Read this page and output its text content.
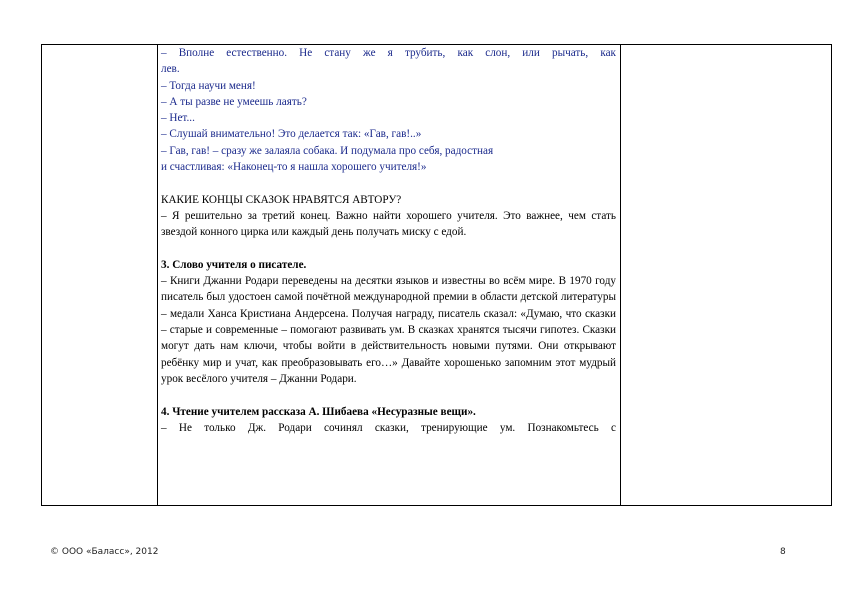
– Вполне естественно. Не стану же я трубить, как слон, или рычать, как

лев.

– Тогда научи меня!

– А ты разве не умеешь лаять?

– Нет...

– Слушай внимательно! Это делается так: «Гав, гав!..»

– Гав, гав! – сразу же залаяла собака. И подумала про себя, радостная

и счастливая: «Наконец-то я нашла хорошего учителя!»

КАКИЕ КОНЦЫ СКАЗОК НРАВЯТСЯ АВТОРУ?

– Я решительно за третий конец. Важно найти хорошего учителя. Это важнее, чем стать звездой конного цирка или каждый день получать миску с едой.

3. Слово учителя о писателе.

– Книги Джанни Родари переведены на десятки языков и известны во всём мире. В 1970 году писатель был удостоен самой почётной международной премии в области детской литературы – медали Ханса Кристиана Андерсена. Получая награду, писатель сказал: «Думаю, что сказки – старые и современные – помогают развивать ум. В сказках хранятся тысячи гипотез. Сказки могут дать нам ключи, чтобы войти в действительность новыми путями. Они открывают ребёнку мир и учат, как преобразовывать его…» Давайте хорошенько запомним этот мудрый урок весёлого учителя – Джанни Родари.

4. Чтение учителем рассказа А. Шибаева «Несуразные вещи».

– Не только Дж. Родари сочинял сказки, тренирующие ум. Познакомьтесь с

© ООО «Баласс», 2012	8
